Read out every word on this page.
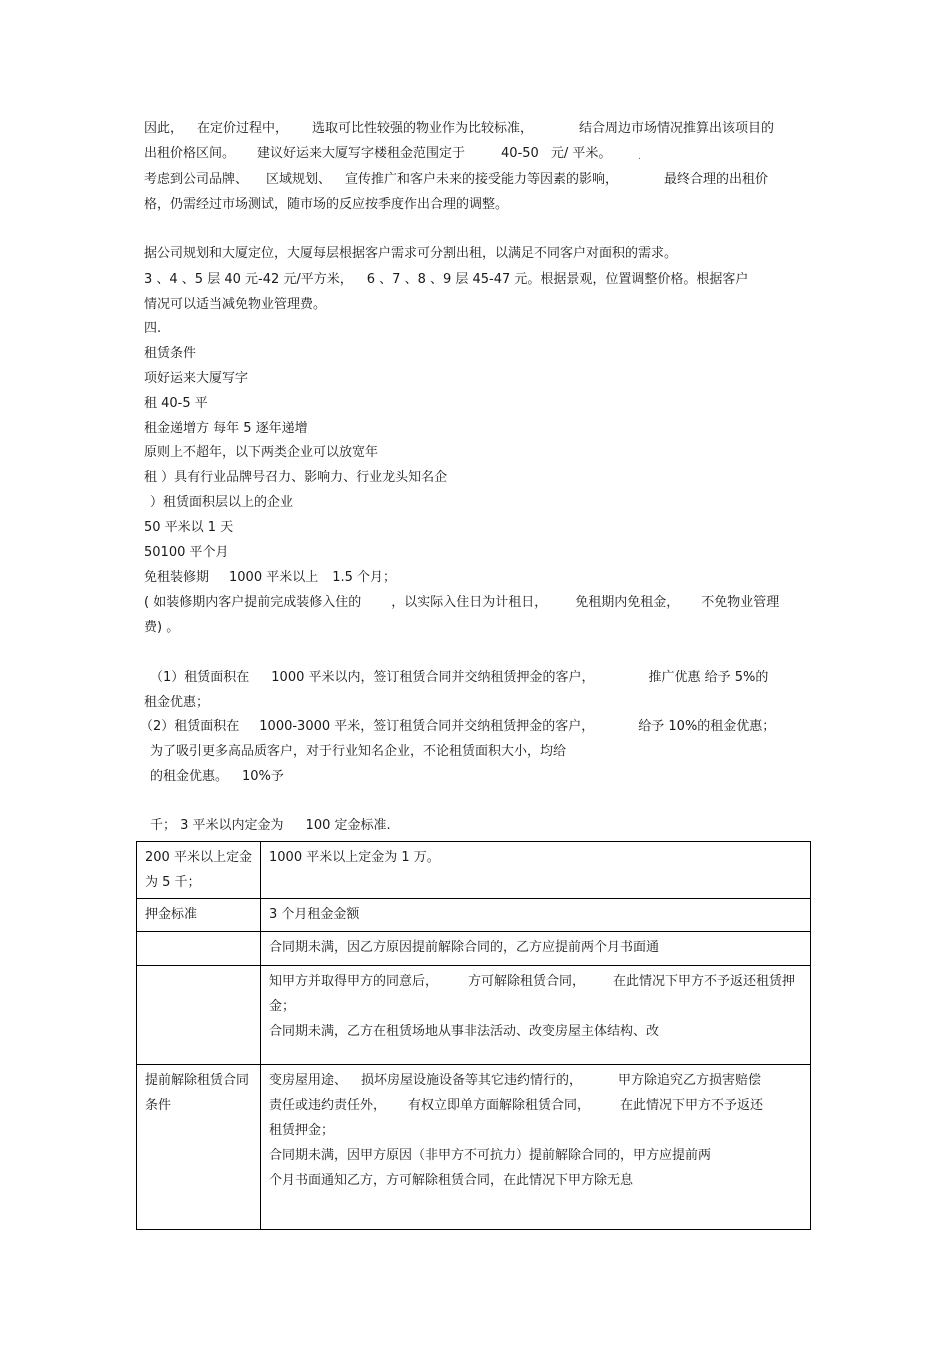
因此， 在定价过程中， 选取可比性较强的物业作为比较标准，	结合周边市场情况推算出该项目的
出租价格区间。 建议好运来大厦写字楼租金范围定于	40-50 元/ 平米。	.
考虑到公司品牌、 区域规划、 宣传推广和客户未来的接受能力等因素的影响，	最终合理的出租价
格，仍需经过市场测试，随市场的反应按季度作出合理的调整。
据公司规划和大厦定位，大厦每层根据客户需求可分割出租，以满足不同客户对面积的需求。
3 、4 、5 层 40 元-42 元/平方米， 6 、7 、8 、9 层 45-47 元。根据景观，位置调整价格。根据客户
情况可以适当减免物业管理费。
四.
租赁条件
项好运来大厦写字
租 40-5 平
租金递增方 每年 5 逐年递增
原则上不超年，以下两类企业可以放宽年
租 ）具有行业品牌号召力、影响力、行业龙头知名企
）租赁面积层以上的企业
50 平米以 1 天
50100 平个月
免租装修期 1000 平米以上 1.5 个月；
( 如装修期内客户提前完成装修入住的 ，以实际入住日为计租日， 免租期内免租金， 不免物业管理
费) 。
（1）租赁面积在 1000 平米以内，签订租赁合同并交纳租赁押金的客户，	推广优惠 给予 5%的
租金优惠；
（2）租赁面积在 1000-3000 平米，签订租赁合同并交纳租赁押金的客户，	给予 10%的租金优惠；
为了吸引更多高品质客户，对于行业知名企业，不论租赁面积大小，均给
的租金优惠。 10%予
千； 3 平米以内定金为 100 定金标准.
200 平米以上定金为 5 千；	1000 平米以上定金为 1 万。
押金标准	3 个月租金金额
	合同期未满，因乙方原因提前解除合同的，乙方应提前两个月书面通
	知甲方并取得甲方的同意后， 方可解除租赁合同， 在此情况下甲方不予返还租赁押金；
合同期未满，乙方在租赁场地从事非法活动、改变房屋主体结构、改
提前解除租赁合同条件	变房屋用途、 损坏房屋设施设备等其它违约情行的， 甲方除追究乙方损害赔偿
责任或违约责任外， 有权立即单方面解除租赁合同， 在此情况下甲方不予返还
租赁押金；
合同期未满，因甲方原因（非甲方不可抗力）提前解除合同的，甲方应提前两
个月书面通知乙方，方可解除租赁合同，在此情况下甲方除无息
